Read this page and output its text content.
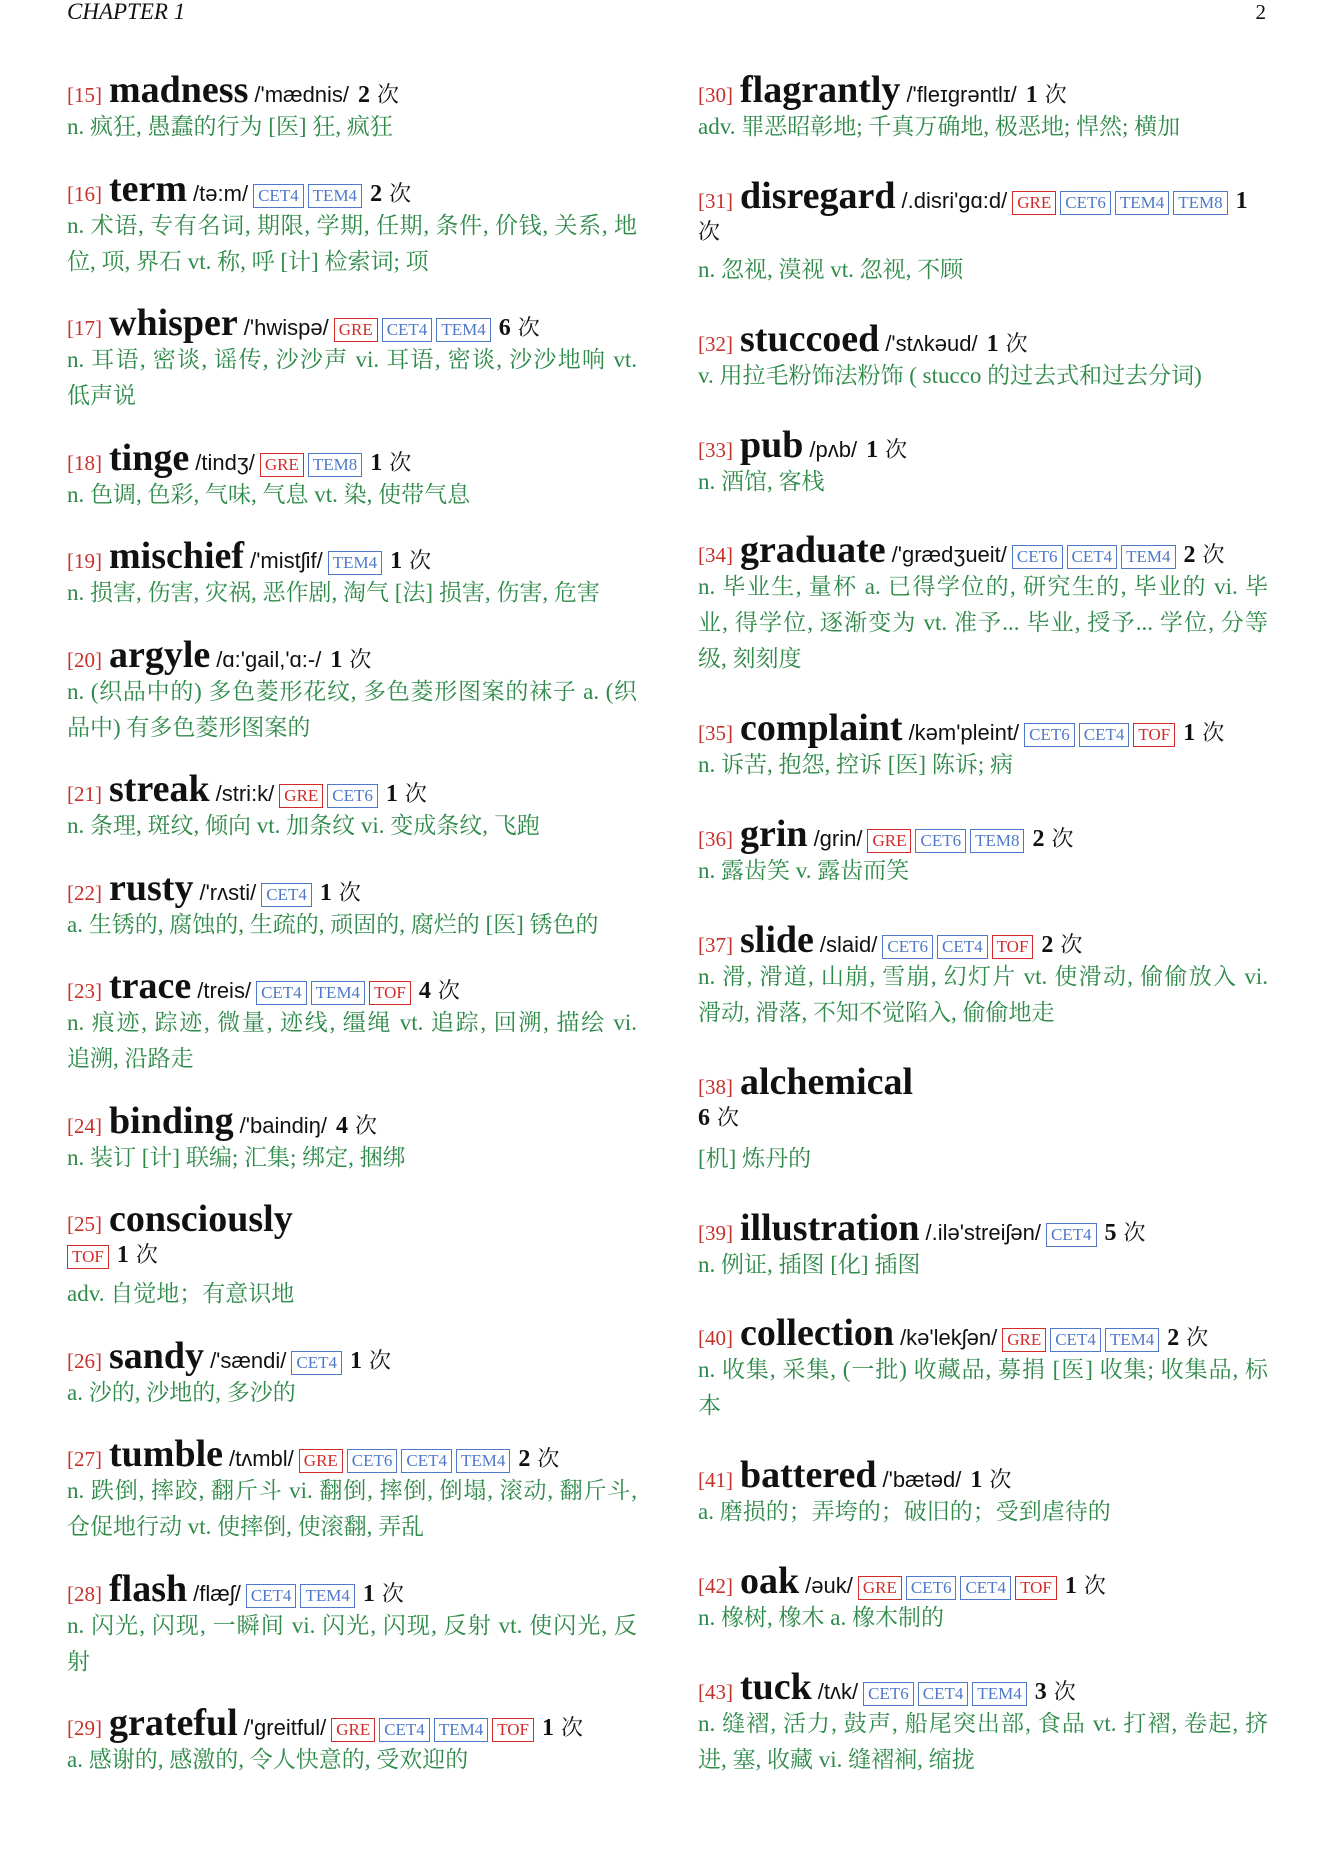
CHAPTER 1	2
[15] madness /'mædnis/ 2 次
n. 疯狂, 愚蠢的行为 [医] 狂, 疯狂
[16] term /tə:m/ CET4 TEM4 2 次
n. 术语, 专有名词, 期限, 学期, 任期, 条件, 价钱, 关系, 地
位, 项, 界石 vt. 称, 呼 [计] 检索词; 项
[17] whisper /'hwispə/ GRE CET4 TEM4 6 次
n. 耳语, 密谈, 谣传, 沙沙声 vi. 耳语, 密谈, 沙沙地响 vt.
低声说
[18] tinge /tindʒ/ GRE TEM8 1 次
n. 色调, 色彩, 气味, 气息 vt. 染, 使带气息
[19] mischief /'mistʃif/ TEM4 1 次
n. 损害, 伤害, 灾祸, 恶作剧, 淘气 [法] 损害, 伤害, 危害
[20] argyle /ɑ:'gail,'ɑ:-/ 1 次
n. (织品中的) 多色菱形花纹, 多色菱形图案的袜子 a. (织
品中) 有多色菱形图案的
[21] streak /stri:k/ GRE CET6 1 次
n. 条理, 斑纹, 倾向 vt. 加条纹 vi. 变成条纹, 飞跑
[22] rusty /'rʌsti/ CET4 1 次
a. 生锈的, 腐蚀的, 生疏的, 顽固的, 腐烂的 [医] 锈色的
[23] trace /treis/ CET4 TEM4 TOF 4 次
n. 痕迹, 踪迹, 微量, 迹线, 缰绳 vt. 追踪, 回溯, 描绘 vi.
追溯, 沿路走
[24] binding /'baindiŋ/ 4 次
n. 装订 [计] 联编; 汇集; 绑定, 捆绑
[25] consciously
TOF 1 次
adv. 自觉地；有意识地
[26] sandy /'sændi/ CET4 1 次
a. 沙的, 沙地的, 多沙的
[27] tumble /tʌmbl/ GRE CET6 CET4 TEM4 2 次
n. 跌倒, 摔跤, 翻斤斗 vi. 翻倒, 摔倒, 倒塌, 滚动, 翻斤斗,
仓促地行动 vt. 使摔倒, 使滚翻, 弄乱
[28] flash /flæʃ/ CET4 TEM4 1 次
n. 闪光, 闪现, 一瞬间 vi. 闪光, 闪现, 反射 vt. 使闪光, 反
射
[29] grateful /'greitful/ GRE CET4 TEM4 TOF 1 次
a. 感谢的, 感激的, 令人快意的, 受欢迎的
[30] flagrantly /'fleɪgrəntlɪ/ 1 次
adv. 罪恶昭彰地; 千真万确地, 极恶地; 悍然; 横加
[31] disregard /.disri'gɑ:d/ GRE CET6 TEM4 TEM8 1
次
n. 忽视, 漠视 vt. 忽视, 不顾
[32] stuccoed /'stʌkəud/ 1 次
v. 用拉毛粉饰法粉饰 ( stucco 的过去式和过去分词)
[33] pub /pʌb/ 1 次
n. 酒馆, 客栈
[34] graduate /'grædʒueit/ CET6 CET4 TEM4 2 次
n. 毕业生, 量杯 a. 已得学位的, 研究生的, 毕业的 vi. 毕
业, 得学位, 逐渐变为 vt. 准予... 毕业, 授予... 学位, 分等
级, 刻刻度
[35] complaint /kəm'pleint/ CET6 CET4 TOF 1 次
n. 诉苦, 抱怨, 控诉 [医] 陈诉; 病
[36] grin /grin/ GRE CET6 TEM8 2 次
n. 露齿笑 v. 露齿而笑
[37] slide /slaid/ CET6 CET4 TOF 2 次
n. 滑, 滑道, 山崩, 雪崩, 幻灯片 vt. 使滑动, 偷偷放入 vi.
滑动, 滑落, 不知不觉陷入, 偷偷地走
[38] alchemical
6 次
[机] 炼丹的
[39] illustration /.ilə'streiʃən/ CET4 5 次
n. 例证, 插图 [化] 插图
[40] collection /kə'lekʃən/ GRE CET4 TEM4 2 次
n. 收集, 采集, (一批) 收藏品, 募捐 [医] 收集; 收集品, 标
本
[41] battered /'bætəd/ 1 次
a. 磨损的；弄垮的；破旧的；受到虐待的
[42] oak /əuk/ GRE CET6 CET4 TOF 1 次
n. 橡树, 橡木 a. 橡木制的
[43] tuck /tʌk/ CET6 CET4 TEM4 3 次
n. 缝褶, 活力, 鼓声, 船尾突出部, 食品 vt. 打褶, 卷起, 挤
进, 塞, 收藏 vi. 缝褶裥, 缩拢
